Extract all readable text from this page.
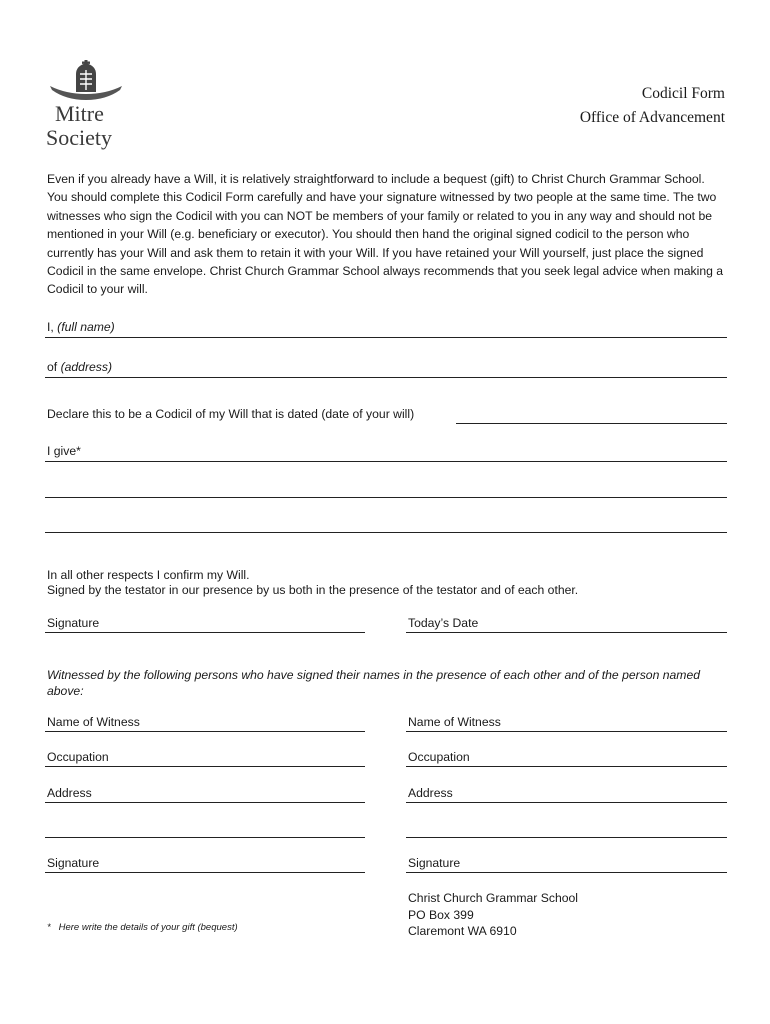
Mitre
Society
Codicil Form
Office of Advancement
Even if you already have a Will, it is relatively straightforward to include a bequest (gift) to Christ Church Grammar School. You should complete this Codicil Form carefully and have your signature witnessed by two people at the same time. The two witnesses who sign the Codicil with you can NOT be members of your family or related to you in any way and should not be mentioned in your Will (e.g. beneficiary or executor). You should then hand the original signed codicil to the person who currently has your Will and ask them to retain it with your Will. If you have retained your Will yourself, just place the signed Codicil in the same envelope. Christ Church Grammar School always recommends that you seek legal advice when making a Codicil to your will.
I, (full name)
of (address)
Declare this to be a Codicil of my Will that is dated (date of your will)
I give*
In all other respects I confirm my Will.
Signed by the testator in our presence by us both in the presence of the testator and of each other.
Signature	Today’s Date
Witnessed by the following persons who have signed their names in the presence of each other and of the person named above:
Name of Witness
Occupation
Address
Signature
Name of Witness
Occupation
Address
Signature
*   Here write the details of your gift (bequest)
Christ Church Grammar School
PO Box 399
Claremont WA 6910
